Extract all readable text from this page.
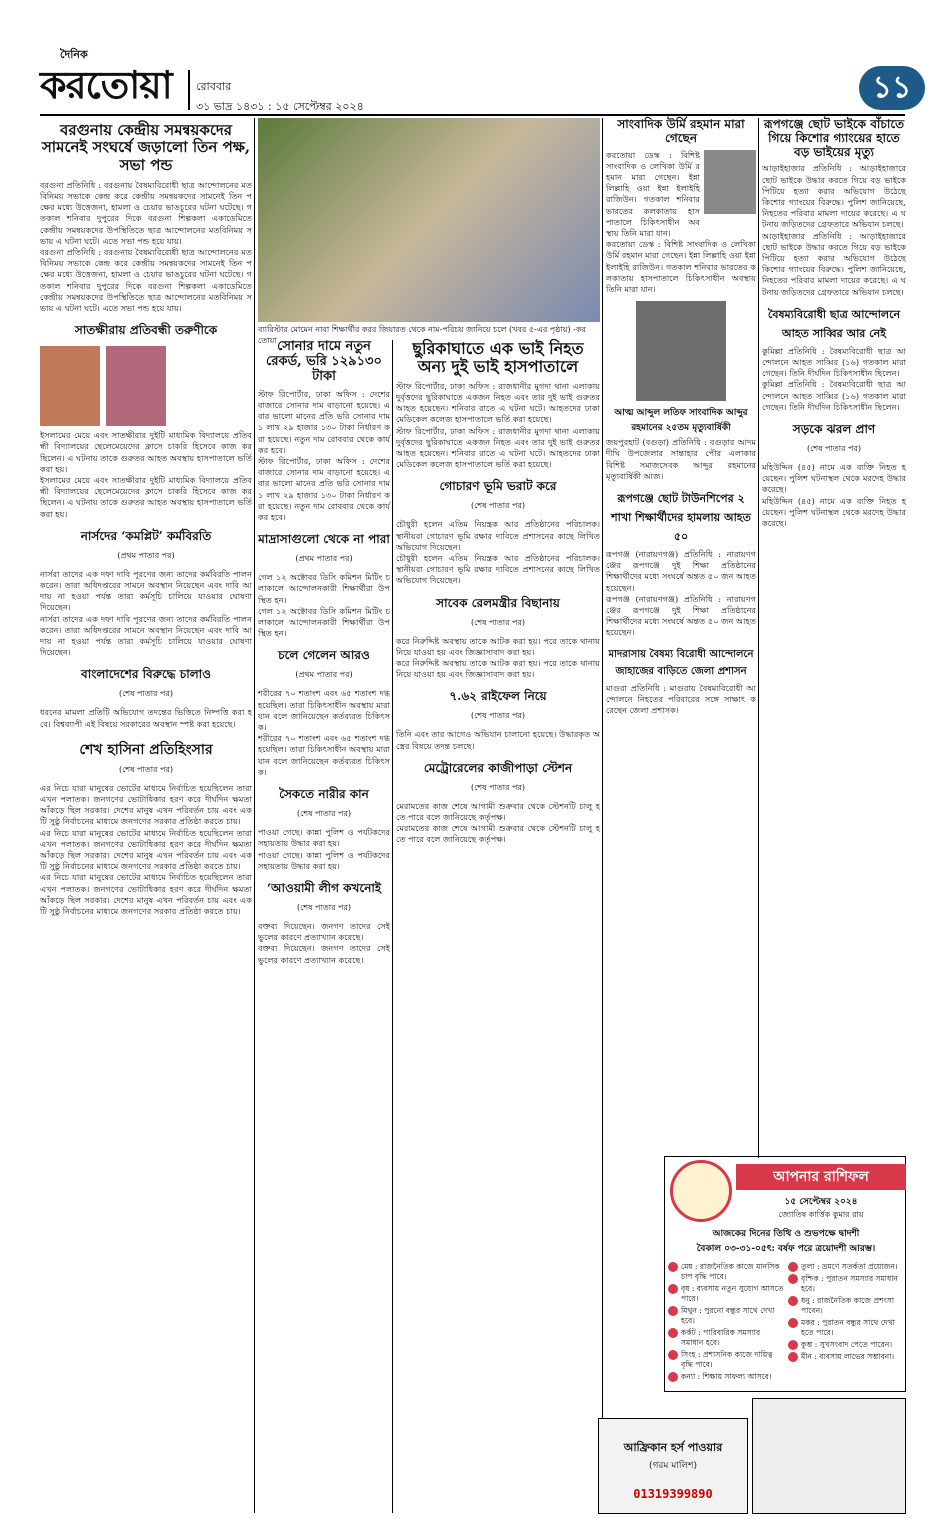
দৈনিক
করতোয়া রোববার
৩১ ভাদ্র ১৪৩১ : ১৫ সেপ্টেম্বর ২০২৪
১১
বরগুনায় কেন্দ্রীয় সমন্বয়কদের সামনেই সংঘর্ষে জড়ালো তিন পক্ষ, সভা পন্ড

বরগুনা প্রতিনিধি : বরগুনায় বৈষম্যবিরোধী ছাত্র আন্দোলনের মতবিনিময় সভাকে কেন্দ্র করে কেন্দ্রীয় সমন্বয়কদের সামনেই তিন পক্ষের মধ্যে উত্তেজনা, হামলা ও চেয়ার ভাঙচুরের ঘটনা ঘটেছে। গতকাল শনিবার দুপুরের দিকে বরগুনা শিল্পকলা একাডেমিতে কেন্দ্রীয় সমন্বয়কদের উপস্থিতিতে ছাত্র আন্দোলনের মতবিনিময় সভায় এ ঘটনা ঘটে। এতে সভা পন্ড হয়ে যায়।

বরগুনা প্রতিনিধি : বরগুনায় বৈষম্যবিরোধী ছাত্র আন্দোলনের মতবিনিময় সভাকে কেন্দ্র করে কেন্দ্রীয় সমন্বয়কদের সামনেই তিন পক্ষের মধ্যে উত্তেজনা, হামলা ও চেয়ার ভাঙচুরের ঘটনা ঘটেছে। গতকাল শনিবার দুপুরের দিকে বরগুনা শিল্পকলা একাডেমিতে কেন্দ্রীয় সমন্বয়কদের উপস্থিতিতে ছাত্র আন্দোলনের মতবিনিময় সভায় এ ঘটনা ঘটে। এতে সভা পন্ড হয়ে যায়।

সাতক্ষীরায় প্রতিবন্ধী তরুণীকে

ইসলামের মেয়ে এবং সাতক্ষীরার দুইটি মাধ্যমিক বিদ্যালয়ে প্রতিবন্ধী বিদ্যালয়ের ছেলেমেয়েদের ক্লাসে চাকরি হিসেবে কাজ করছিলেন। এ ঘটনায় তাকে গুরুতর আহত অবস্থায় হাসপাতালে ভর্তি করা হয়।

ইসলামের মেয়ে এবং সাতক্ষীরার দুইটি মাধ্যমিক বিদ্যালয়ে প্রতিবন্ধী বিদ্যালয়ের ছেলেমেয়েদের ক্লাসে চাকরি হিসেবে কাজ করছিলেন। এ ঘটনায় তাকে গুরুতর আহত অবস্থায় হাসপাতালে ভর্তি করা হয়।

নার্সদের ‘কমপ্লিট’ কর্মবিরতি
(প্রথম পাতার পর)

নার্সরা তাদের এক দফা দাবি পূরণের জন্য তাদের কর্মবিরতি পালন করেন। তারা অধিদপ্তরের সামনে অবস্থান নিয়েছেন এবং দাবি আদায় না হওয়া পর্যন্ত তারা কর্মসূচি চালিয়ে যাওয়ার ঘোষণা দিয়েছেন।

নার্সরা তাদের এক দফা দাবি পূরণের জন্য তাদের কর্মবিরতি পালন করেন। তারা অধিদপ্তরের সামনে অবস্থান নিয়েছেন এবং দাবি আদায় না হওয়া পর্যন্ত তারা কর্মসূচি চালিয়ে যাওয়ার ঘোষণা দিয়েছেন।

বাংলাদেশের বিরুদ্ধে চালাও
(শেষ পাতার পর)

ধরনের মামলা প্রতিটি অভিযোগ তদন্তের ভিত্তিতে নিষ্পত্তি করা হবে। বিশ্বব্যাপী এই বিষয়ে সরকারের অবস্থান স্পষ্ট করা হয়েছে।

শেখ হাসিনা প্রতিহিংসার
(শেষ পাতার পর)

এর নিচে যারা মানুষের ভোটের মাধ্যমে নির্বাচিত হয়েছিলেন তারা এখন পলাতক। জনগণের ভোটাধিকার হরণ করে দীর্ঘদিন ক্ষমতা আঁকড়ে ছিল সরকার। দেশের মানুষ এখন পরিবর্তন চায় এবং একটি সুষ্ঠু নির্বাচনের মাধ্যমে জনগণের সরকার প্রতিষ্ঠা করতে চায়।

এর নিচে যারা মানুষের ভোটের মাধ্যমে নির্বাচিত হয়েছিলেন তারা এখন পলাতক। জনগণের ভোটাধিকার হরণ করে দীর্ঘদিন ক্ষমতা আঁকড়ে ছিল সরকার। দেশের মানুষ এখন পরিবর্তন চায় এবং একটি সুষ্ঠু নির্বাচনের মাধ্যমে জনগণের সরকার প্রতিষ্ঠা করতে চায়।

এর নিচে যারা মানুষের ভোটের মাধ্যমে নির্বাচিত হয়েছিলেন তারা এখন পলাতক। জনগণের ভোটাধিকার হরণ করে দীর্ঘদিন ক্ষমতা আঁকড়ে ছিল সরকার। দেশের মানুষ এখন পরিবর্তন চায় এবং একটি সুষ্ঠু নির্বাচনের মাধ্যমে জনগণের সরকার প্রতিষ্ঠা করতে চায়।

ব্যারিস্টার মোমেন নাবা শিক্ষার্থীর করর জিয়ারত থেকে নাম-পরিচয় জানিয়ে চলে (খবর ৫-এর পৃষ্ঠায়) -করতোয়া সোনার দামে নতুন রেকর্ড, ভরি ১২৯১৩০ টাকা

স্টাফ রিপোর্টার, ঢাকা অফিস : দেশের বাজারে সোনার দাম বাড়ানো হয়েছে। এবার ভালো মানের প্রতি ভরি সোনার দাম ১ লাখ ২৯ হাজার ১৩০ টাকা নির্ধারণ করা হয়েছে। নতুন দাম রোববার থেকে কার্যকর হবে।

স্টাফ রিপোর্টার, ঢাকা অফিস : দেশের বাজারে সোনার দাম বাড়ানো হয়েছে। এবার ভালো মানের প্রতি ভরি সোনার দাম ১ লাখ ২৯ হাজার ১৩০ টাকা নির্ধারণ করা হয়েছে। নতুন দাম রোববার থেকে কার্যকর হবে।

মাদ্রাসাগুলো থেকে না পারা
(প্রথম পাতার পর)

গেল ১২ অক্টোবর ডিসি কমিশন মিটিং চলাকালে আন্দোলনকারী শিক্ষার্থীরা উপস্থিত হন।

গেল ১২ অক্টোবর ডিসি কমিশন মিটিং চলাকালে আন্দোলনকারী শিক্ষার্থীরা উপস্থিত হন।

চলে গেলেন আরও
(প্রথম পাতার পর)

শরীরের ৭০ শতাংশ এবং ৬৫ শতাংশ দগ্ধ হয়েছিল। তারা চিকিৎসাধীন অবস্থায় মারা যান বলে জানিয়েছেন কর্তব্যরত চিকিৎসক।

শরীরের ৭০ শতাংশ এবং ৬৫ শতাংশ দগ্ধ হয়েছিল। তারা চিকিৎসাধীন অবস্থায় মারা যান বলে জানিয়েছেন কর্তব্যরত চিকিৎসক।

সৈকতে নারীর কান
(শেষ পাতার পর)

পাওয়া গেছে। কান্না পুলিশ ও পর্যটকদের সহায়তায় উদ্ধার করা হয়।

পাওয়া গেছে। কান্না পুলিশ ও পর্যটকদের সহায়তায় উদ্ধার করা হয়।

‘আওয়ামী লীগ কখনোই
(শেষ পাতার পর)

বক্তব্য দিয়েছেন। জনগণ তাদের সেই ভুলের কারণে প্রত্যাখ্যান করেছে।

বক্তব্য দিয়েছেন। জনগণ তাদের সেই ভুলের কারণে প্রত্যাখ্যান করেছে।

ছুরিকাঘাতে এক ভাই নিহত
অন্য দুই ভাই হাসপাতালে

স্টাফ রিপোর্টার, ঢাকা অফিস : রাজধানীর মুগদা থানা এলাকায় দুর্বৃত্তদের ছুরিকাঘাতে একজন নিহত এবং তার দুই ভাই গুরুতর আহত হয়েছেন। শনিবার রাতে এ ঘটনা ঘটে। আহতদের ঢাকা মেডিকেল কলেজ হাসপাতালে ভর্তি করা হয়েছে।

স্টাফ রিপোর্টার, ঢাকা অফিস : রাজধানীর মুগদা থানা এলাকায় দুর্বৃত্তদের ছুরিকাঘাতে একজন নিহত এবং তার দুই ভাই গুরুতর আহত হয়েছেন। শনিবার রাতে এ ঘটনা ঘটে। আহতদের ঢাকা মেডিকেল কলেজ হাসপাতালে ভর্তি করা হয়েছে।

গোচারণ ভূমি ভরাট করে
(শেষ পাতার পর)

চৌধুরী হলেন এতিম নিয়ন্ত্রক আর প্রতিষ্ঠানের পরিচালক। স্থানীয়রা গোচারণ ভূমি রক্ষার দাবিতে প্রশাসনের কাছে লিখিত অভিযোগ দিয়েছেন।

চৌধুরী হলেন এতিম নিয়ন্ত্রক আর প্রতিষ্ঠানের পরিচালক। স্থানীয়রা গোচারণ ভূমি রক্ষার দাবিতে প্রশাসনের কাছে লিখিত অভিযোগ দিয়েছেন।

সাবেক রেলমন্ত্রীর বিছানায়
(শেষ পাতার পর)

করে নিরুদ্দিষ্ট অবস্থায় তাকে আটক করা হয়। পরে তাকে থানায় নিয়ে যাওয়া হয় এবং জিজ্ঞাসাবাদ করা হয়।

করে নিরুদ্দিষ্ট অবস্থায় তাকে আটক করা হয়। পরে তাকে থানায় নিয়ে যাওয়া হয় এবং জিজ্ঞাসাবাদ করা হয়।

৭.৬২ রাইফেল নিয়ে
(শেষ পাতার পর)

তিনি এবং তার আগেও অভিযান চালানো হয়েছে। উদ্ধারকৃত অস্ত্রের বিষয়ে তদন্ত চলছে।

মেট্রোরেলের কাজীপাড়া স্টেশন
(শেষ পাতার পর)

মেরামতের কাজ শেষে আগামী শুক্রবার থেকে স্টেশনটি চালু হতে পারে বলে জানিয়েছে কর্তৃপক্ষ।

মেরামতের কাজ শেষে আগামী শুক্রবার থেকে স্টেশনটি চালু হতে পারে বলে জানিয়েছে কর্তৃপক্ষ।

সাংবাদিক উর্মি রহমান মারা গেছেন

করতোয়া ডেস্ক : বিশিষ্ট সাংবাদিক ও লেখিকা উর্মি রহমান মারা গেছেন। ইন্না লিল্লাহি ওয়া ইন্না ইলাইহি রাজিউন। গতকাল শনিবার ভারতের কলকাতায় হাসপাতালে চিকিৎসাধীন অবস্থায় তিনি মারা যান।

করতোয়া ডেস্ক : বিশিষ্ট সাংবাদিক ও লেখিকা উর্মি রহমান মারা গেছেন। ইন্না লিল্লাহি ওয়া ইন্না ইলাইহি রাজিউন। গতকাল শনিবার ভারতের কলকাতায় হাসপাতালে চিকিৎসাধীন অবস্থায় তিনি মারা যান।

আত্ম আব্দুল লতিফ সাংবাদিক আব্দুর রহমানের ২৫তম মৃত্যুবার্ষিকী

জয়পুরহাট (বগুড়া) প্রতিনিধি : বগুড়ার আদমদীঘি উপজেলার সান্তাহার পৌর এলাকার বিশিষ্ট সমাজসেবক আব্দুর রহমানের মৃত্যুবার্ষিকী আজ।

রূপগঞ্জে ছোট টাউনশিপের ২ শাখা শিক্ষার্থীদের হামলায় আহত ৫০

রূপগঞ্জ (নারায়ণগঞ্জ) প্রতিনিধি : নারায়ণগঞ্জের রূপগঞ্জে দুই শিক্ষা প্রতিষ্ঠানের শিক্ষার্থীদের মধ্যে সংঘর্ষে অন্তত ৫০ জন আহত হয়েছেন।

রূপগঞ্জ (নারায়ণগঞ্জ) প্রতিনিধি : নারায়ণগঞ্জের রূপগঞ্জে দুই শিক্ষা প্রতিষ্ঠানের শিক্ষার্থীদের মধ্যে সংঘর্ষে অন্তত ৫০ জন আহত হয়েছেন।

মাদরাসায় বৈষম্য বিরোধী আন্দোলনে জাহাজের বাড়িতে জেলা প্রশাসন

মাগুরা প্রতিনিধি : মাগুরায় বৈষম্যবিরোধী আন্দোলনে নিহতের পরিবারের সঙ্গে সাক্ষাৎ করেছেন জেলা প্রশাসক।

রূপগঞ্জে ছোট ভাইকে বাঁচাতে গিয়ে কিশোর গ্যাংয়ের হাতে বড় ভাইয়ের মৃত্যু

আড়াইহাজার প্রতিনিধি : আড়াইহাজারে ছোট ভাইকে উদ্ধার করতে গিয়ে বড় ভাইকে পিটিয়ে হত্যা করার অভিযোগ উঠেছে কিশোর গ্যাংয়ের বিরুদ্ধে। পুলিশ জানিয়েছে, নিহতের পরিবার মামলা দায়ের করেছে। এ ঘটনায় জড়িতদের গ্রেফতারে অভিযান চলছে।

আড়াইহাজার প্রতিনিধি : আড়াইহাজারে ছোট ভাইকে উদ্ধার করতে গিয়ে বড় ভাইকে পিটিয়ে হত্যা করার অভিযোগ উঠেছে কিশোর গ্যাংয়ের বিরুদ্ধে। পুলিশ জানিয়েছে, নিহতের পরিবার মামলা দায়ের করেছে। এ ঘটনায় জড়িতদের গ্রেফতারে অভিযান চলছে।

বৈষম্যবিরোধী ছাত্র আন্দোলনে আহত সাব্বির আর নেই

কুমিল্লা প্রতিনিধি : বৈষম্যবিরোধী ছাত্র আন্দোলনে আহত সাব্বির (১৬) গতকাল মারা গেছেন। তিনি দীর্ঘদিন চিকিৎসাধীন ছিলেন।

কুমিল্লা প্রতিনিধি : বৈষম্যবিরোধী ছাত্র আন্দোলনে আহত সাব্বির (১৬) গতকাল মারা গেছেন। তিনি দীর্ঘদিন চিকিৎসাধীন ছিলেন।

সড়কে ঝরল প্রাণ
(শেষ পাতার পর)

মহিউদ্দিন (৪৫) নামে এক ব্যক্তি নিহত হয়েছেন। পুলিশ ঘটনাস্থল থেকে মরদেহ উদ্ধার করেছে।

মহিউদ্দিন (৪৫) নামে এক ব্যক্তি নিহত হয়েছেন। পুলিশ ঘটনাস্থল থেকে মরদেহ উদ্ধার করেছে।

আপনার রাশিফল
১৫ সেপ্টেম্বর ২০২৪
জ্যোতিষ কার্ত্তিক কুমার রায়
আজকের দিনের তিথি ও শুভপক্ষে দ্বাদশী
বৈকাল ০৩-৩১-০৫ৎ: বর্ষফ পরে ত্রয়োদশী আরম্ভ।
মেষ : রাজনৈতিক কাজে মানসিক চাপ বৃদ্ধি পাবে।
বৃষ : ব্যবসায় নতুন সুযোগ আসতে পারে।
মিথুন : পুরনো বন্ধুর সাথে দেখা হবে।
কর্কট : পারিবারিক সমস্যার সমাধান হবে।
সিংহ : প্রশাসনিক কাজে দায়িত্ব বৃদ্ধি পাবে।
কন্যা : শিক্ষায় সাফল্য আসবে।
তুলা : ভ্রমণে সতর্কতা প্রয়োজন।
বৃশ্চিক : পুরাতন সমস্যার সমাধান হবে।
ধনু : রাজনৈতিক কাজে প্রশংসা পাবেন।
মকর : পুরাতন বন্ধুর সাথে দেখা হতে পারে।
কুম্ভ : সুখসংবাদ পেতে পারেন।
মীন : ব্যবসায় লাভের সম্ভাবনা।
আফ্রিকান হর্স পাওয়ার
(গরম মালিশ)
01319399890
